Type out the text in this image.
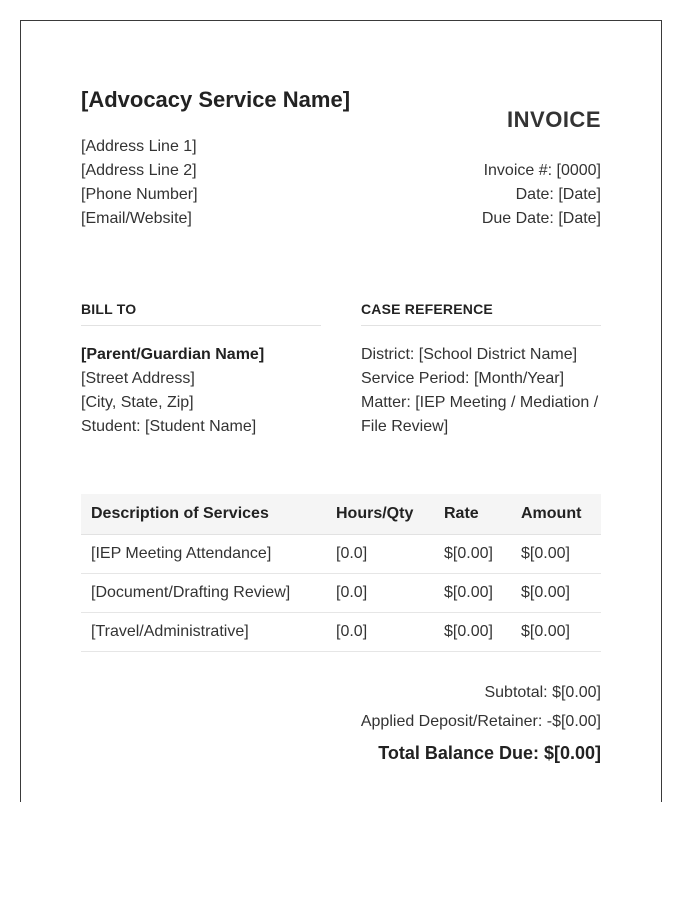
[Advocacy Service Name]
INVOICE
[Address Line 1]
[Address Line 2]
[Phone Number]
[Email/Website]
Invoice #: [0000]
Date: [Date]
Due Date: [Date]
BILL TO	CASE REFERENCE
[Parent/Guardian Name]
[Street Address]
[City, State, Zip]
Student: [Student Name]
District: [School District Name]
Service Period: [Month/Year]
Matter: [IEP Meeting / Mediation /
File Review]
Description of Services	Hours/Qty	Rate	Amount
[IEP Meeting Attendance]	[0.0]	$[0.00]	$[0.00]
[Document/Drafting Review]	[0.0]	$[0.00]	$[0.00]
[Travel/Administrative]	[0.0]	$[0.00]	$[0.00]
Subtotal: $[0.00]
Applied Deposit/Retainer: -$[0.00]
Total Balance Due: $[0.00]
